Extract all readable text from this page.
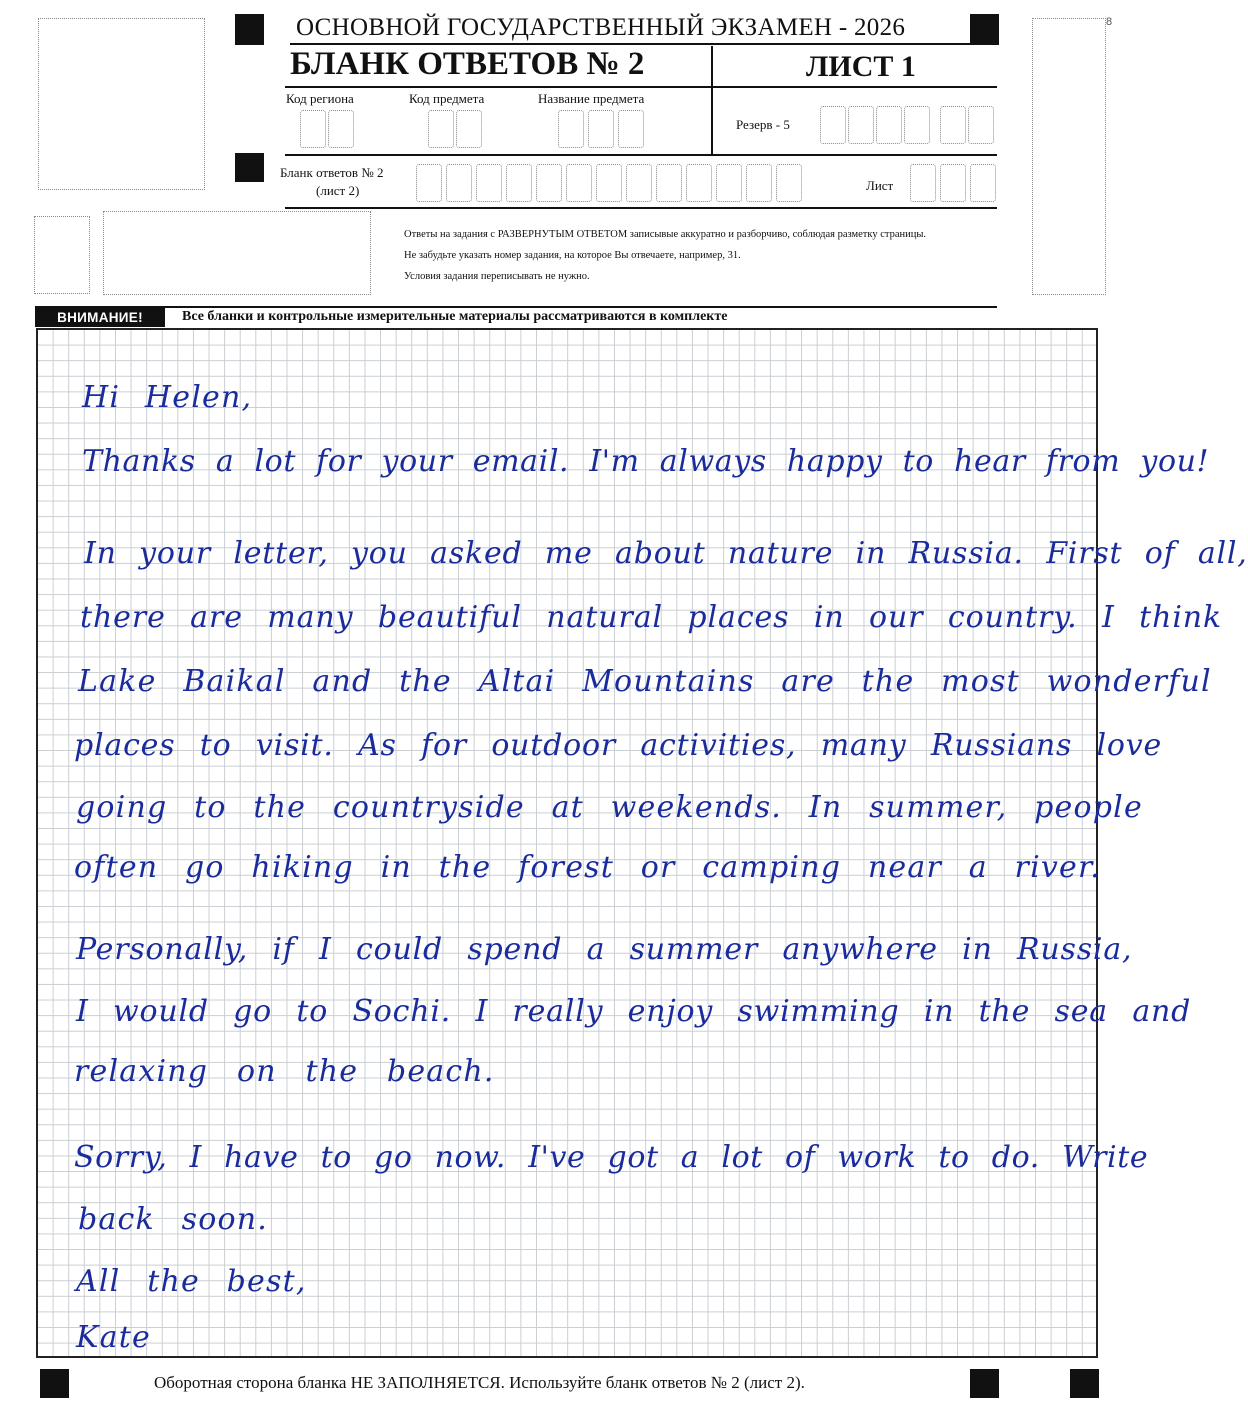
8
ОСНОВНОЙ ГОСУДАРСТВЕННЫЙ ЭКЗАМЕН - 2026
БЛАНК ОТВЕТОВ № 2	ЛИСТ 1
Код региона	Код предмета	Название предмета
Резерв - 5
Бланк ответов № 2
(лист 2)	Лист
Ответы на задания с РАЗВЕРНУТЫМ ОТВЕТОМ записывые аккуратно и разборчиво, соблюдая разметку страницы.
Не забудьте указать номер задания, на которое Вы отвечаете, например, 31.
Условия задания переписывать не нужно.
ВНИМАНИЕ!	Все бланки и контрольные измерительные материалы рассматриваются в комплекте
Hi Helen,
Thanks a lot for your email. I'm always happy to hear from you!
In your letter, you asked me about nature in Russia. First of all,
there are many beautiful natural places in our country. I think
Lake Baikal and the Altai Mountains are the most wonderful
places to visit. As for outdoor activities, many Russians love
going to the countryside at weekends. In summer, people
often go hiking in the forest or camping near a river.
Personally, if I could spend a summer anywhere in Russia,
I would go to Sochi. I really enjoy swimming in the sea and
relaxing on the beach.
Sorry, I have to go now. I've got a lot of work to do. Write
back soon.
All the best,
Kate
Оборотная сторона бланка НЕ ЗАПОЛНЯЕТСЯ. Используйте бланк ответов № 2 (лист 2).
